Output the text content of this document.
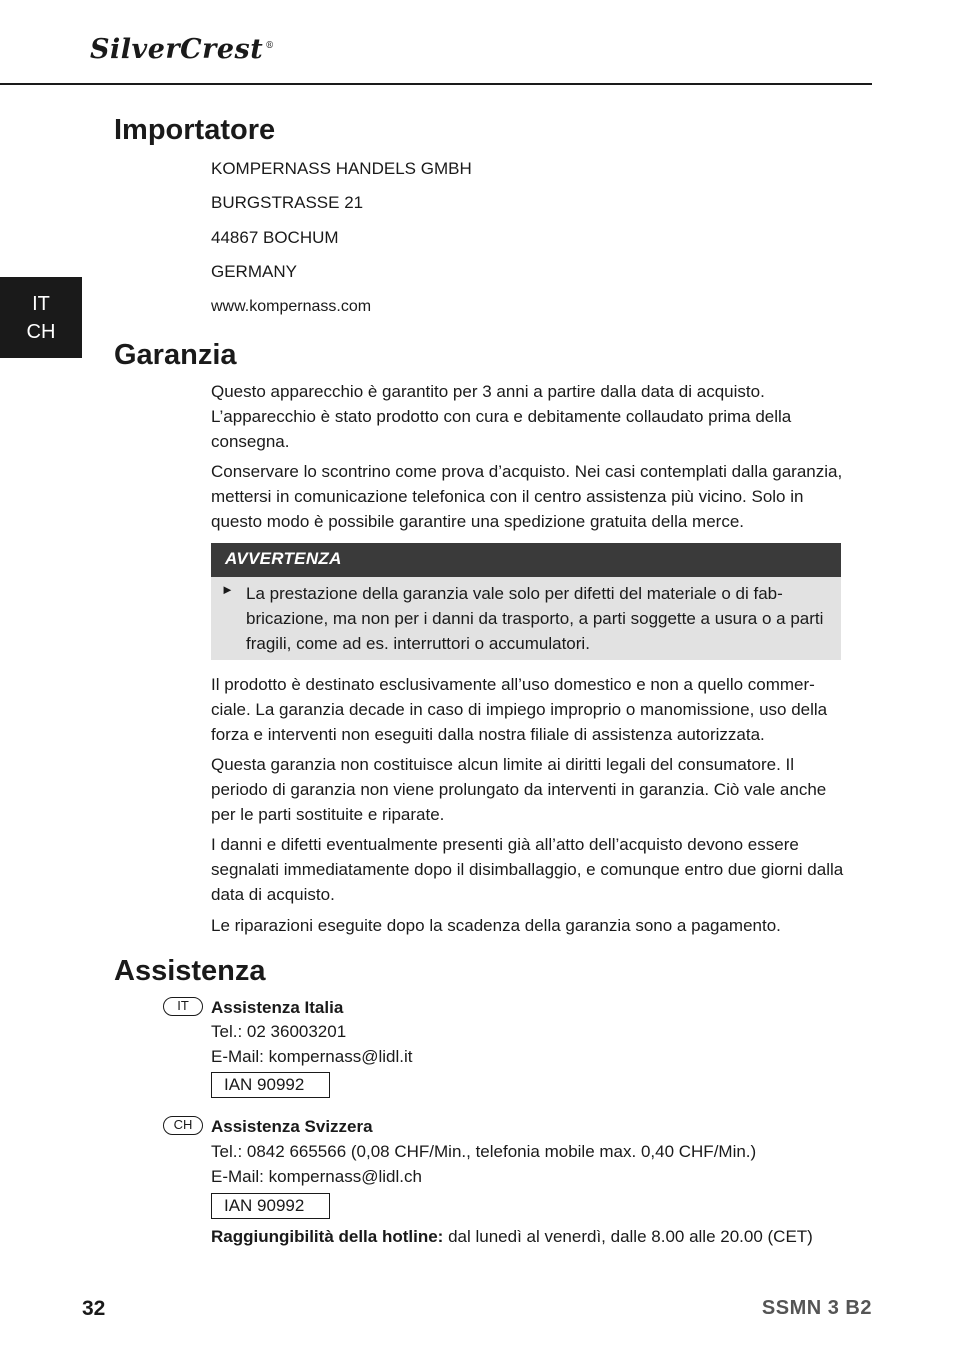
SilverCrest ®
IT
CH
Importatore

KOMPERNASS HANDELS GMBH

BURGSTRASSE 21

44867 BOCHUM

GERMANY

www.kompernass.com

Garanzia

Questo apparecchio è garantito per 3 anni a partire dalla data di acquisto. L’apparecchio è stato prodotto con cura e debitamente collaudato prima della consegna.

Conservare lo scontrino come prova d’acquisto. Nei casi contemplati dalla garanzia, mettersi in comunicazione telefonica con il centro assistenza più vicino. Solo in questo modo è possibile garantire una spedizione gratuita della merce.

AVVERTENZA
► La prestazione della garanzia vale solo per difetti del materiale o di fab-bricazione, ma non per i danni da trasporto, a parti soggette a usura o a parti fragili, come ad es. interruttori o accumulatori.

Il prodotto è destinato esclusivamente all’uso domestico e non a quello commer-ciale. La garanzia decade in caso di impiego improprio o manomissione, uso della forza e interventi non eseguiti dalla nostra filiale di assistenza autorizzata.

Questa garanzia non costituisce alcun limite ai diritti legali del consumatore. Il periodo di garanzia non viene prolungato da interventi in garanzia. Ciò vale anche per le parti sostituite e riparate.

I danni e difetti eventualmente presenti già all’atto dell’acquisto devono essere segnalati immediatamente dopo il disimballaggio, e comunque entro due giorni dalla data di acquisto.

Le riparazioni eseguite dopo la scadenza della garanzia sono a pagamento.

Assistenza
IT	Assistenza Italia

Tel.: 02 36003201

E-Mail: kompernass@lidl.it

IAN 90992
CH	Assistenza Svizzera

Tel.: 0842 665566 (0,08 CHF/Min., telefonia mobile max. 0,40 CHF/Min.)

E-Mail: kompernass@lidl.ch

IAN 90992

Raggiungibilità della hotline: dal lunedì al venerdì, dalle 8.00 alle 20.00 (CET)

32	SSMN 3 B2
